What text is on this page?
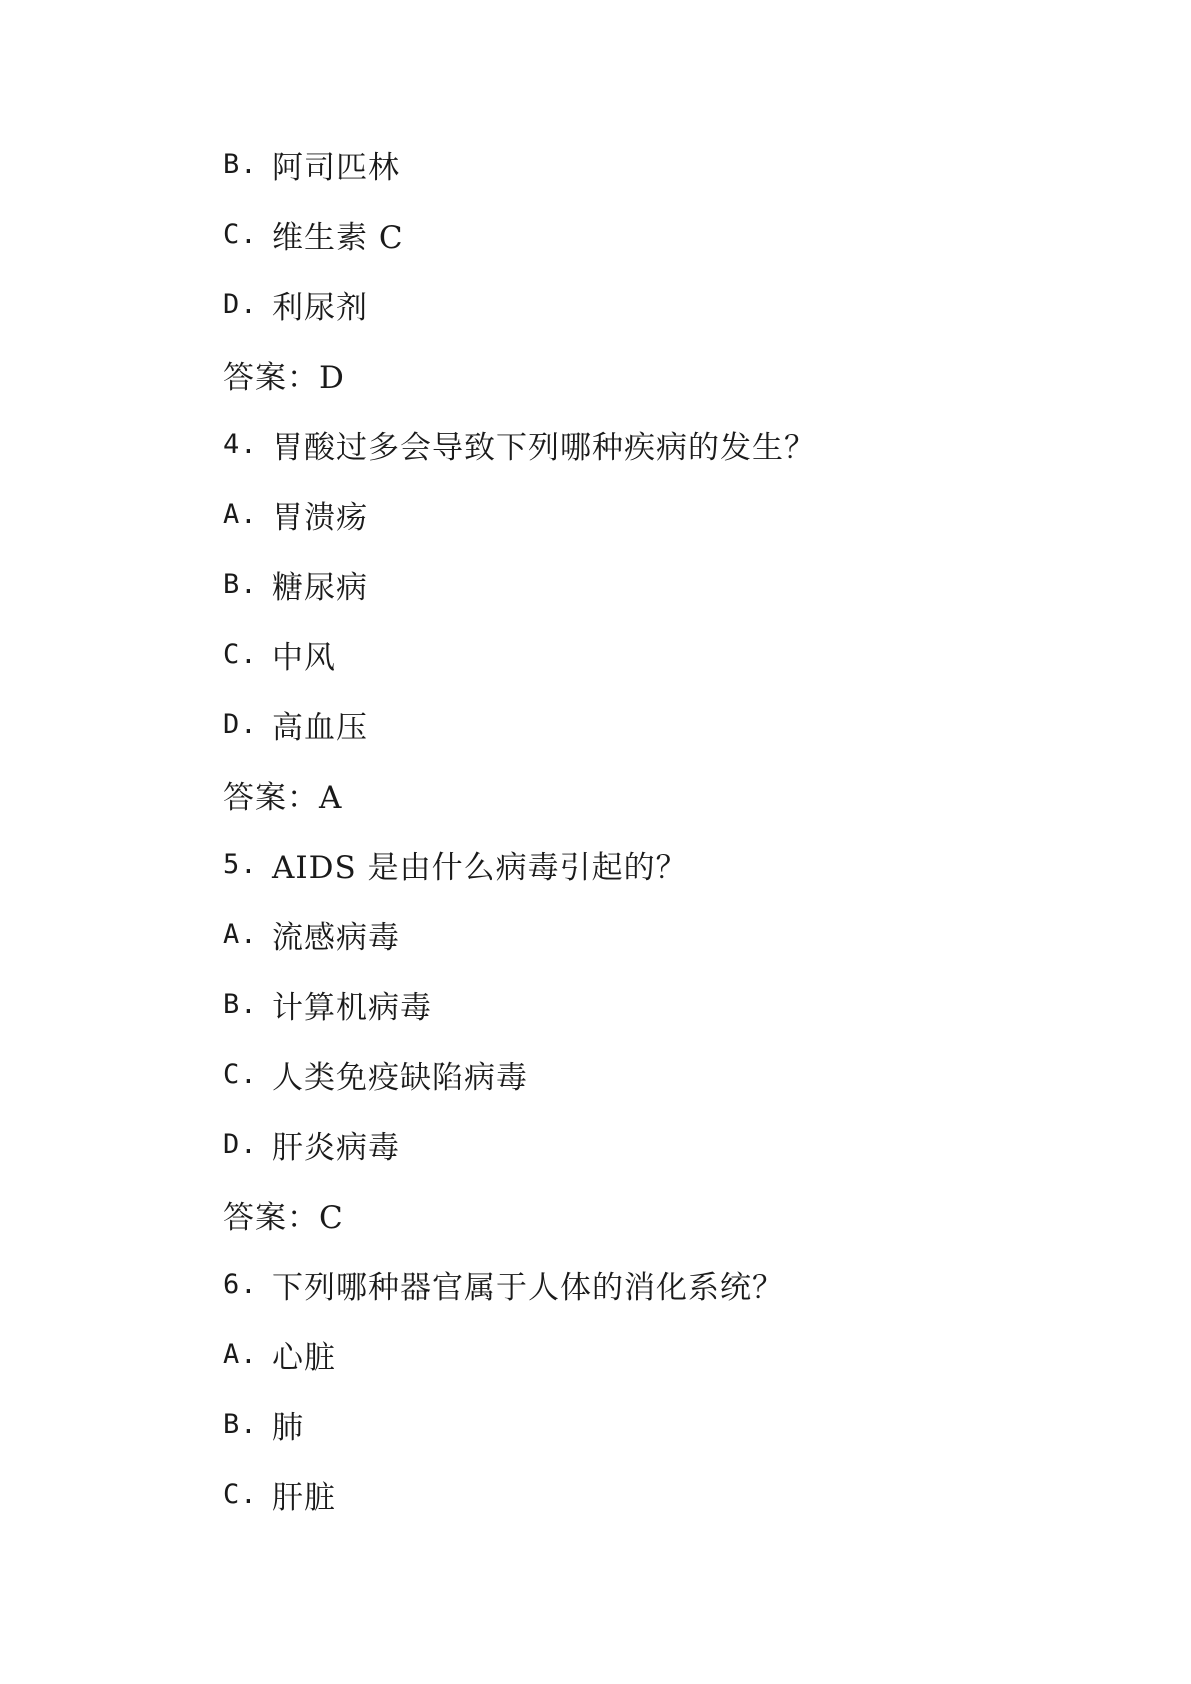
B. 阿司匹林
C. 维生素 C
D. 利尿剂
答案：D
4. 胃酸过多会导致下列哪种疾病的发生？
A. 胃溃疡
B. 糖尿病
C. 中风
D. 高血压
答案：A
5. AIDS 是由什么病毒引起的？
A. 流感病毒
B. 计算机病毒
C. 人类免疫缺陷病毒
D. 肝炎病毒
答案：C
6. 下列哪种器官属于人体的消化系统？
A. 心脏
B. 肺
C. 肝脏
